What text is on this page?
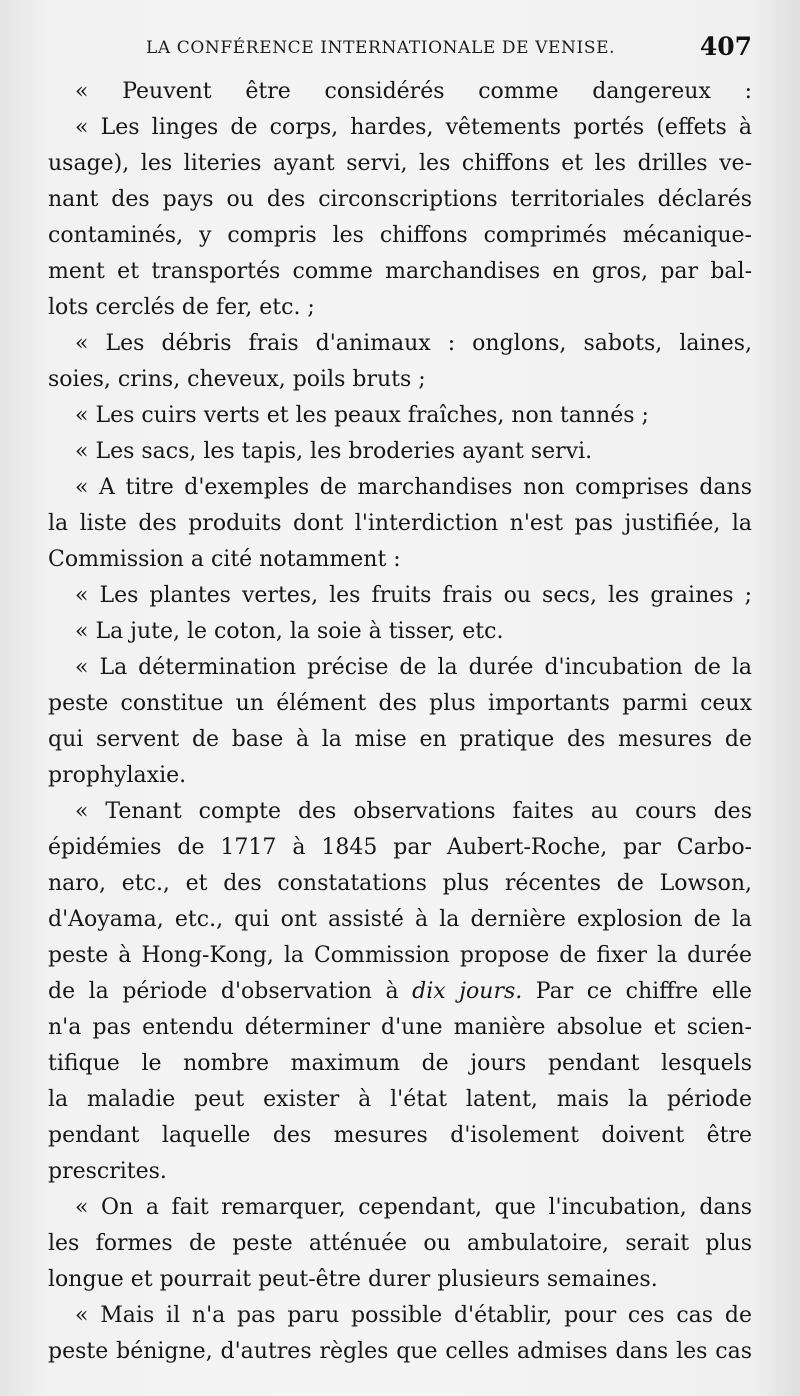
LA CONFÉRENCE INTERNATIONALE DE VENISE.	407
« Peuvent être considérés comme dangereux :
« Les linges de corps, hardes, vêtements portés (effets à
usage), les literies ayant servi, les chiffons et les drilles ve-
nant des pays ou des circonscriptions territoriales déclarés
contaminés, y compris les chiffons comprimés mécanique-
ment et transportés comme marchandises en gros, par bal-
lots cerclés de fer, etc. ;
« Les débris frais d'animaux : onglons, sabots, laines,
soies, crins, cheveux, poils bruts ;
« Les cuirs verts et les peaux fraîches, non tannés ;
« Les sacs, les tapis, les broderies ayant servi.
« A titre d'exemples de marchandises non comprises dans
la liste des produits dont l'interdiction n'est pas justifiée, la
Commission a cité notamment :
« Les plantes vertes, les fruits frais ou secs, les graines ;
« La jute, le coton, la soie à tisser, etc.
« La détermination précise de la durée d'incubation de la
peste constitue un élément des plus importants parmi ceux
qui servent de base à la mise en pratique des mesures de
prophylaxie.
« Tenant compte des observations faites au cours des
épidémies de 1717 à 1845 par Aubert-Roche, par Carbo-
naro, etc., et des constatations plus récentes de Lowson,
d'Aoyama, etc., qui ont assisté à la dernière explosion de la
peste à Hong-Kong, la Commission propose de fixer la durée
de la période d'observation à dix jours. Par ce chiffre elle
n'a pas entendu déterminer d'une manière absolue et scien-
tifique le nombre maximum de jours pendant lesquels
la maladie peut exister à l'état latent, mais la période
pendant laquelle des mesures d'isolement doivent être
prescrites.
« On a fait remarquer, cependant, que l'incubation, dans
les formes de peste atténuée ou ambulatoire, serait plus
longue et pourrait peut-être durer plusieurs semaines.
« Mais il n'a pas paru possible d'établir, pour ces cas de
peste bénigne, d'autres règles que celles admises dans les cas
